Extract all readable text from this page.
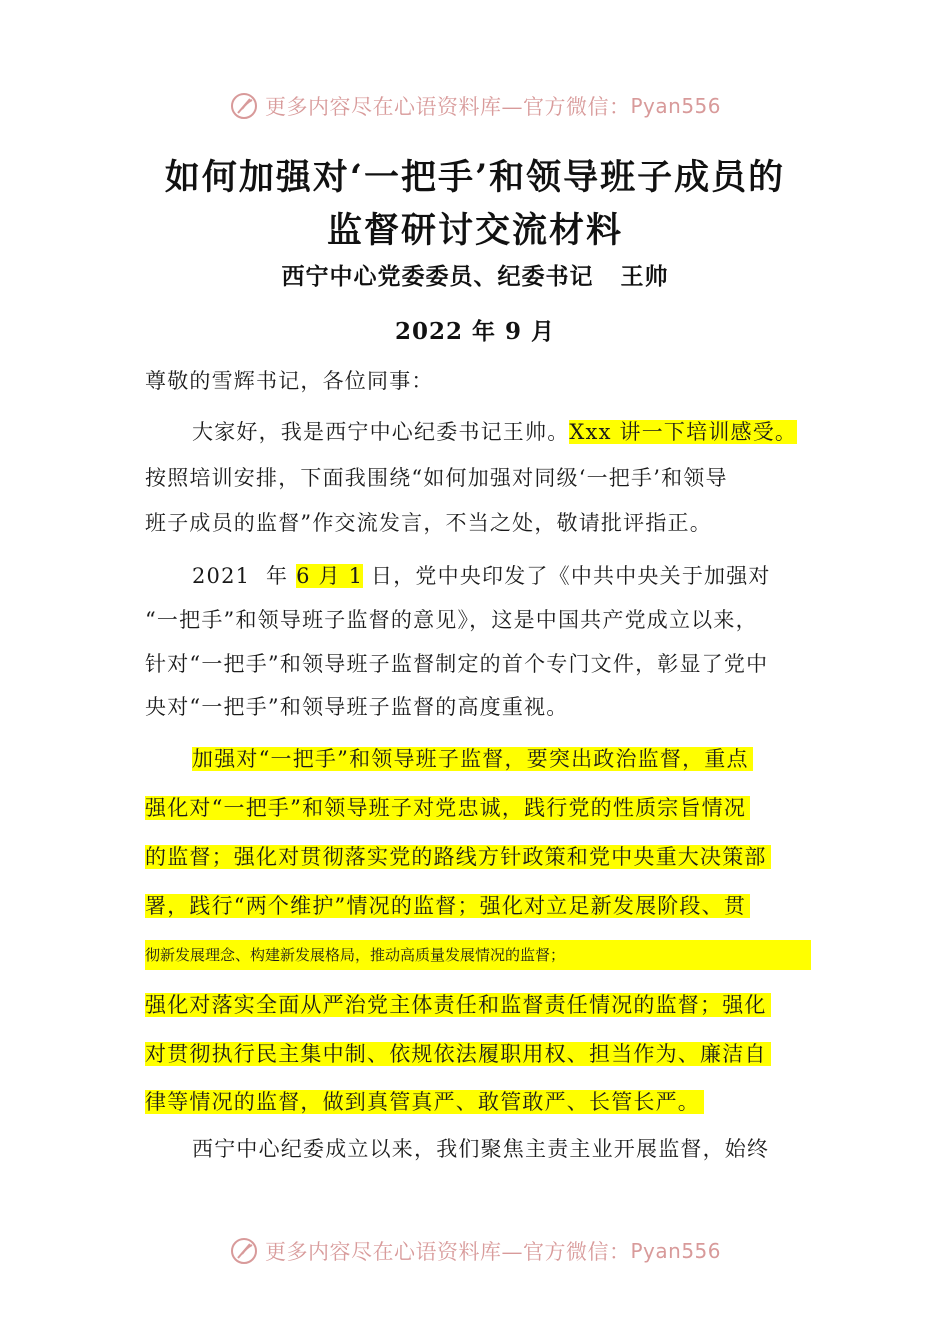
更多内容尽在心语资料库—官方微信： Pyan556
如何加强对‘一把手’和领导班子成员的
监督研讨交流材料
西宁中心党委委员、纪委书记   王帅
2022 年 9 月
尊敬的雪辉书记，各位同事：
大家好，我是西宁中心纪委书记王帅。Xxx 讲一下培训感受。
按照培训安排，下面我围绕“如何加强对同级‘一把手’和领导
班子成员的监督”作交流发言，不当之处，敬请批评指正。
2021  年 6 月 1 日，党中央印发了《中共中央关于加强对
“一把手”和领导班子监督的意见》，这是中国共产党成立以来，
针对“一把手”和领导班子监督制定的首个专门文件，彰显了党中
央对“一把手”和领导班子监督的高度重视。
加强对“一把手”和领导班子监督，要突出政治监督，重点
强化对“一把手”和领导班子对党忠诚，践行党的性质宗旨情况
的监督；强化对贯彻落实党的路线方针政策和党中央重大决策部
署，践行“两个维护”情况的监督；强化对立足新发展阶段、贯
彻新发展理念、构建新发展格局，推动高质量发展情况的监督；
强化对落实全面从严治党主体责任和监督责任情况的监督；强化
对贯彻执行民主集中制、依规依法履职用权、担当作为、廉洁自
律等情况的监督，做到真管真严、敢管敢严、长管长严。
西宁中心纪委成立以来，我们聚焦主责主业开展监督，始终
更多内容尽在心语资料库—官方微信： Pyan556
